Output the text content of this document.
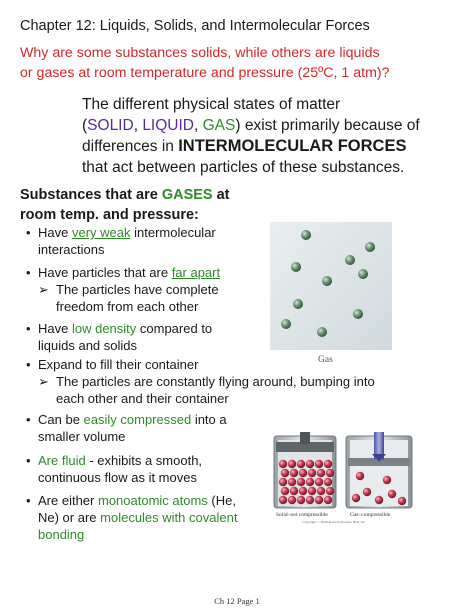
Chapter 12: Liquids, Solids, and Intermolecular Forces
Why are some substances solids, while others are liquids
or gases at room temperature and pressure (25ºC, 1 atm)?
The different physical states of matter
(SOLID, LIQUID, GAS) exist primarily because of
differences in INTERMOLECULAR FORCES
that act between particles of these substances.
Substances that are GASES at
room temp. and pressure:
• Have very weak intermolecular
interactions
• Have particles that are far apart
➢ The particles have complete
freedom from each other
• Have low density compared to
liquids and solids
• Expand to fill their container
➢ The particles are constantly flying around, bumping into
each other and their container
• Can be easily compressed into a
smaller volume
• Are fluid - exhibits a smooth,
continuous flow as it moves
• Are either monoatomic atoms (He,
Ne) or are molecules with covalent
bonding
Gas
Solid–not compressible	Gas–compressible
Copyright © 2008 Pearson Prentice Hall, Inc.
Ch 12 Page 1
